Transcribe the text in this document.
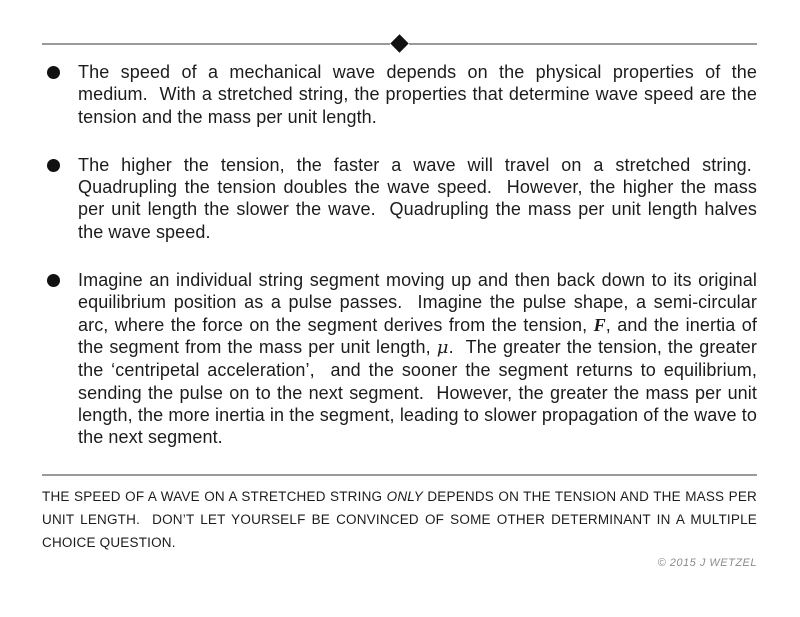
The speed of a mechanical wave depends on the physical properties of the medium.  With a stretched string, the properties that determine wave speed are the tension and the mass per unit length.
The higher the tension, the faster a wave will travel on a stretched string.  Quadrupling the tension doubles the wave speed.  However, the higher the mass per unit length the slower the wave.  Quadrupling the mass per unit length halves the wave speed.
Imagine an individual string segment moving up and then back down to its original equilibrium position as a pulse passes.  Imagine the pulse shape, a semi-circular arc, where the force on the segment derives from the tension, F, and the inertia of the segment from the mass per unit length, μ.  The greater the tension, the greater the ‘centripetal acceleration’,  and the sooner the segment returns to equilibrium, sending the pulse on to the next segment.  However, the greater the mass per unit length, the more inertia in the segment, leading to slower propagation of the wave to the next segment.
THE SPEED OF A WAVE ON A STRETCHED STRING ONLY DEPENDS ON THE TENSION AND THE MASS PER UNIT LENGTH.  DON’T LET YOURSELF BE CONVINCED OF SOME OTHER DETERMINANT IN A MULTIPLE CHOICE QUESTION.
© 2015 J WETZEL
